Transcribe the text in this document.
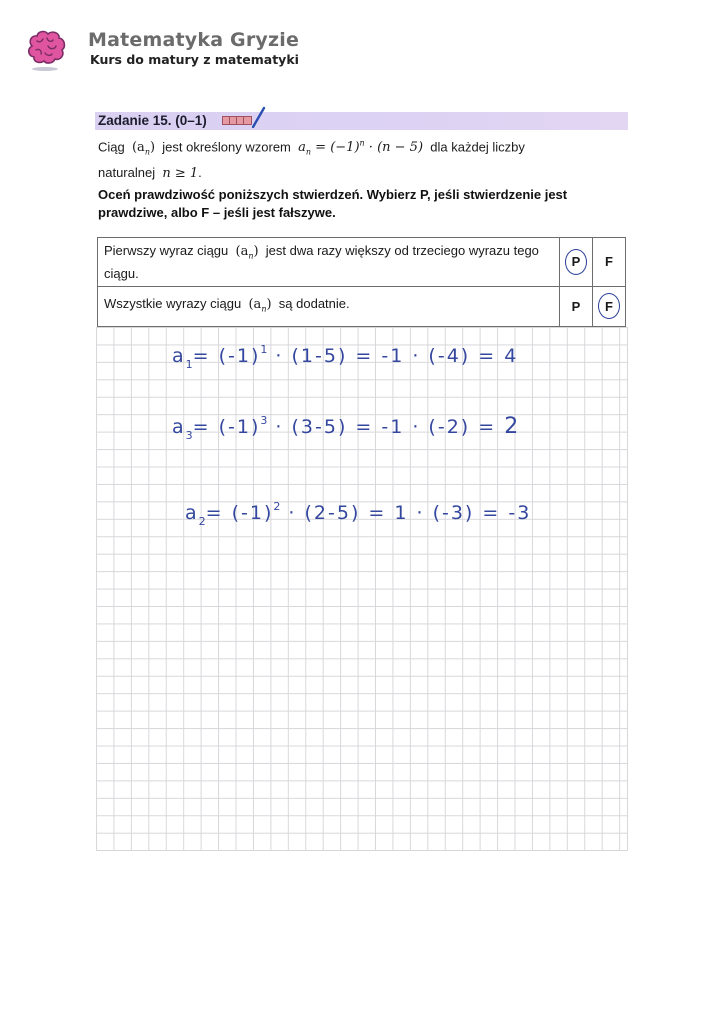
Matematyka Gryzie
Kurs do matury z matematyki
Zadanie 15. (0–1)
Ciąg $(a_n)$ jest określony wzorem $a_n = (-1)^n \cdot (n - 5)$ dla każdej liczby
naturalnej n ≥ 1.
Oceń prawdziwość poniższych stwierdzeń. Wybierz P, jeśli stwierdzenie jest prawdziwe, albo F – jeśli jest fałszywe.
Pierwszy wyraz ciągu $(a_n)$ jest dwa razy większy od trzeciego wyrazu tego ciągu.	P	F
Wszystkie wyrazy ciągu $(a_n)$ są dodatnie.	P	F
$a_1= (-1)^1 \cdot (1-5) = -1 \cdot (-4) = 4$
$a_3= (-1)^3 \cdot (3-5) = -1 \cdot (-2) = 2$
$a_2= (-1)^2 \cdot (2-5) = 1 \cdot (-3) = -3$
